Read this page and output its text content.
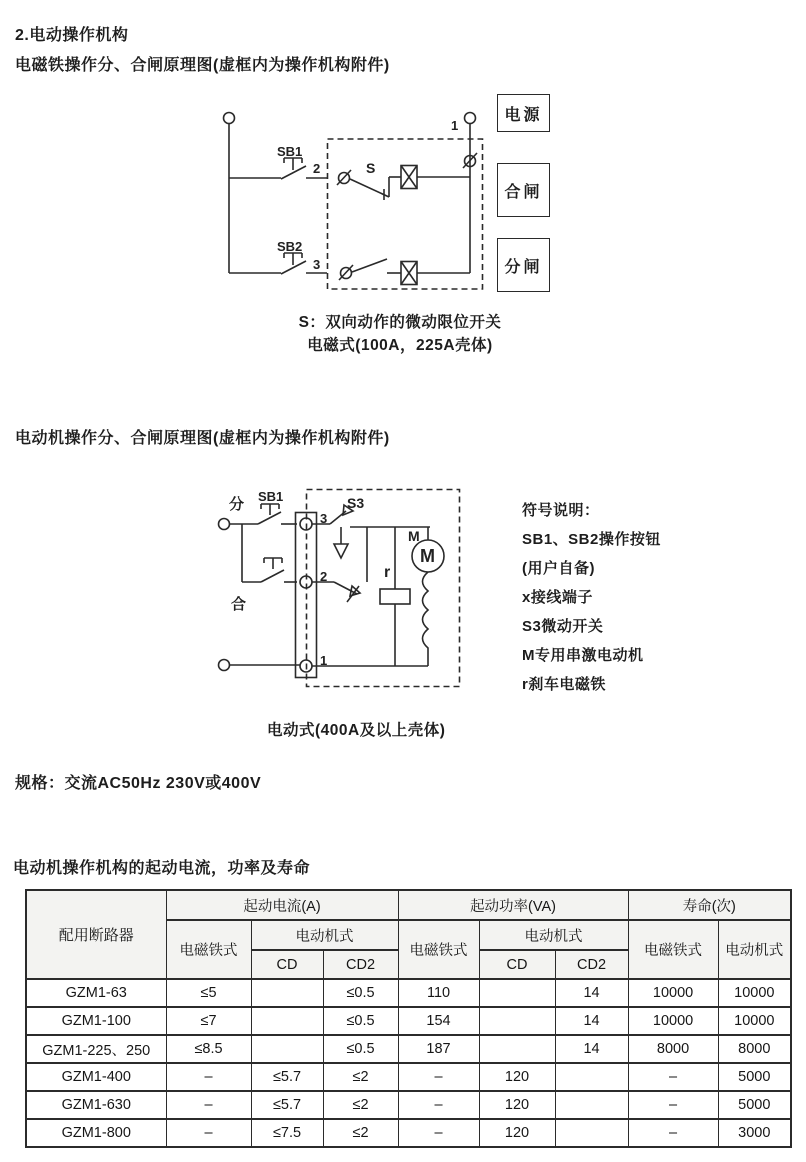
2.电动操作机构
电磁铁操作分、合闸原理图(虚框内为操作机构附件)
SB1
SB2
S
1
2
3
电源
合闸
分闸
S：双向动作的微动限位开关
电磁式(100A，225A壳体)
电动机操作分、合闸原理图(虚框内为操作机构附件)
分 SB1
合
3
2
1
S3
M
M
r
符号说明：
SB1、SB2操作按钮
(用户自备)
x接线端子
S3微动开关
M专用串激电动机
r刹车电磁铁
电动式(400A及以上壳体)
规格：交流AC50Hz 230V或400V
电动机操作机构的起动电流，功率及寿命
配用断路器	起动电流(A)			起动功率(VA)			寿命(次)	
	电磁铁式	电动机式		电磁铁式	电动机式		电磁铁式	电动机式
		CD	CD2		CD	CD2		
GZM1-63	≤5		≤0.5	110		14	10000	10000
GZM1-100	≤7		≤0.5	154		14	10000	10000
GZM1-225、250	≤8.5		≤0.5	187		14	8000	8000
GZM1-400	–	≤5.7	≤2	–	120		–	5000
GZM1-630	–	≤5.7	≤2	–	120		–	5000
GZM1-800	–	≤7.5	≤2	–	120		–	3000
